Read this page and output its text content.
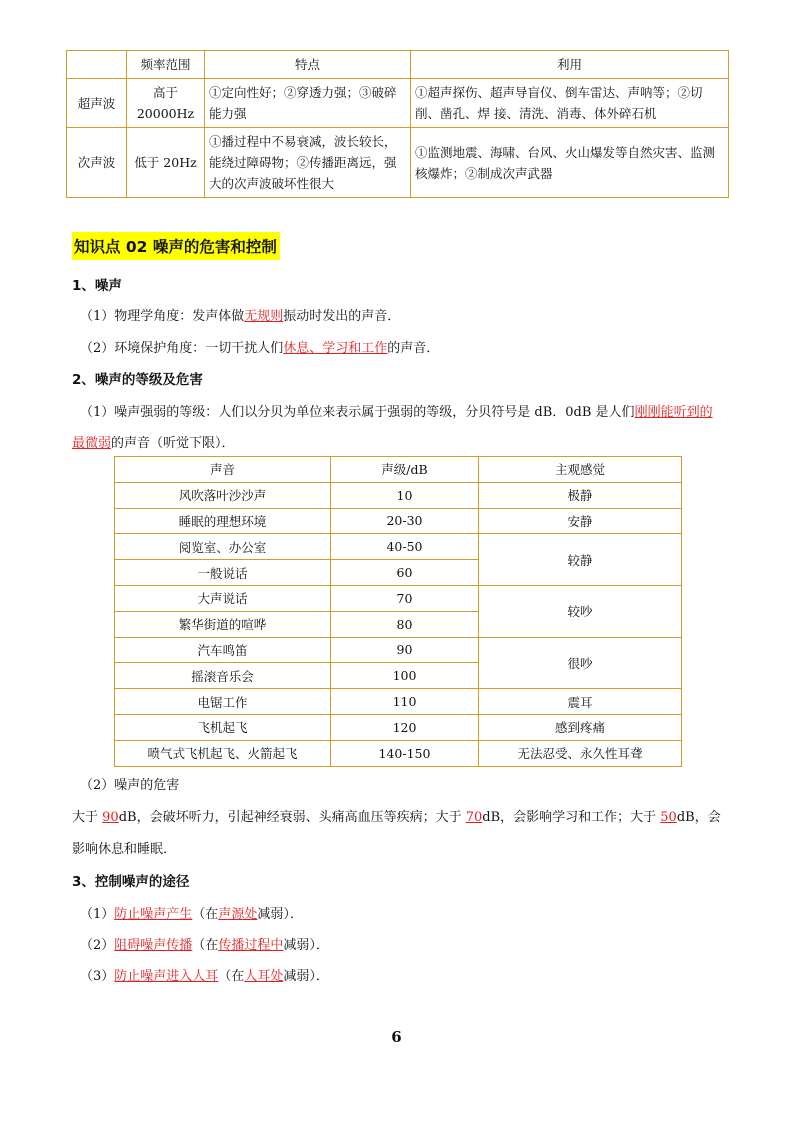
	频率范围	特点	利用
超声波	高于20000Hz	①定向性好；②穿透力强；③破碎能力强	①超声探伤、超声导盲仪、倒车雷达、声呐等；②切削、凿孔、焊 接、清洗、消毒、体外碎石机
次声波	低于 20Hz	①播过程中不易衰减，波长较长，能绕过障碍物；②传播距离远，强大的次声波破坏性很大	①监测地震、海啸、台风、火山爆发等自然灾害、监测核爆炸；②制成次声武器
知识点 02 噪声的危害和控制
1、噪声
（1）物理学角度：发声体做无规则振动时发出的声音．
（2）环境保护角度：一切干扰人们休息、学习和工作的声音．
2、噪声的等级及危害
（1）噪声强弱的等级：人们以分贝为单位来表示属于强弱的等级，分贝符号是 dB．0dB 是人们刚刚能听到的
最微弱的声音（听觉下限）．
声音	声级/dB	主观感觉
风吹落叶沙沙声	10	极静
睡眠的理想环境	20-30	安静
阅览室、办公室	40-50	较静
一般说话	60	
大声说话	70	较吵
繁华街道的喧哗	80	
汽车鸣笛	90	很吵
摇滚音乐会	100	
电锯工作	110	震耳
飞机起飞	120	感到疼痛
喷气式飞机起飞、火箭起飞	140-150	无法忍受、永久性耳聋
（2）噪声的危害
大于 90dB，会破坏听力，引起神经衰弱、头痛高血压等疾病；大于 70dB，会影响学习和工作；大于 50dB，会
影响休息和睡眠．
3、控制噪声的途径
（1）防止噪声产生（在声源处减弱）．
（2）阻碍噪声传播（在传播过程中减弱）．
（3）防止噪声进入人耳（在人耳处减弱）．
6
